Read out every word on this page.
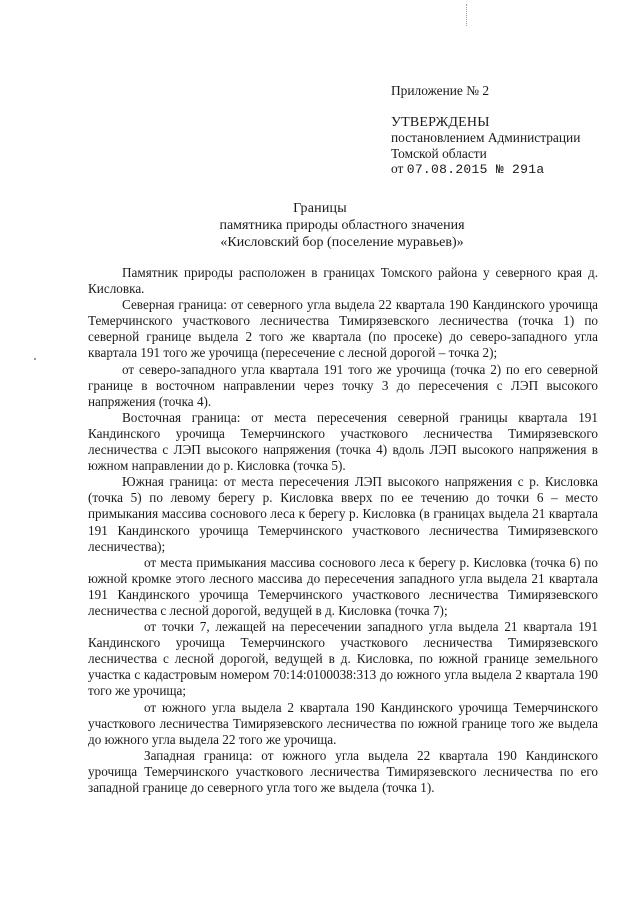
Приложение № 2
УТВЕРЖДЕНЫ
постановлением Администрации
Томской области
от 07.08.2015 № 291а
Границы
памятника природы областного значения
«Кисловский бор (поселение муравьев)»

Памятник природы расположен в границах Томского района у северного края д. Кисловка.

Северная граница: от северного угла выдела 22 квартала 190 Кандинского урочища Темерчинского участкового лесничества Тимирязевского лесничества (точка 1) по северной границе выдела 2 того же квартала (по просеке) до северо-западного угла квартала 191 того же урочища (пересечение с лесной дорогой – точка 2);

от северо-западного угла квартала 191 того же урочища (точка 2) по его северной границе в восточном направлении через точку 3 до пересечения с ЛЭП высокого напряжения (точка 4).

Восточная граница: от места пересечения северной границы квартала 191 Кандинского урочища Темерчинского участкового лесничества Тимирязевского лесничества с ЛЭП высокого напряжения (точка 4) вдоль ЛЭП высокого напряжения в южном направлении до р. Кисловка (точка 5).

Южная граница: от места пересечения ЛЭП высокого напряжения с р. Кисловка (точка 5) по левому берегу р. Кисловка вверх по ее течению до точки 6 – место примыкания массива соснового леса к берегу р. Кисловка (в границах выдела 21 квартала 191 Кандинского урочища Темерчинского участкового лесничества Тимирязевского лесничества);

от места примыкания массива соснового леса к берегу р. Кисловка (точка 6) по южной кромке этого лесного массива до пересечения западного угла выдела 21 квартала 191 Кандинского урочища Темерчинского участкового лесничества Тимирязевского лесничества с лесной дорогой, ведущей в д. Кисловка (точка 7);

от точки 7, лежащей на пересечении западного угла выдела 21 квартала 191 Кандинского урочища Темерчинского участкового лесничества Тимирязевского лесничества с лесной дорогой, ведущей в д. Кисловка, по южной границе земельного участка с кадастровым номером 70:14:0100038:313 до южного угла выдела 2 квартала 190 того же урочища;

от южного угла выдела 2 квартала 190 Кандинского урочища Темерчинского участкового лесничества Тимирязевского лесничества по южной границе того же выдела до южного угла выдела 22 того же урочища.

Западная граница: от южного угла выдела 22 квартала 190 Кандинского урочища Темерчинского участкового лесничества Тимирязевского лесничества по его западной границе до северного угла того же выдела (точка 1).
